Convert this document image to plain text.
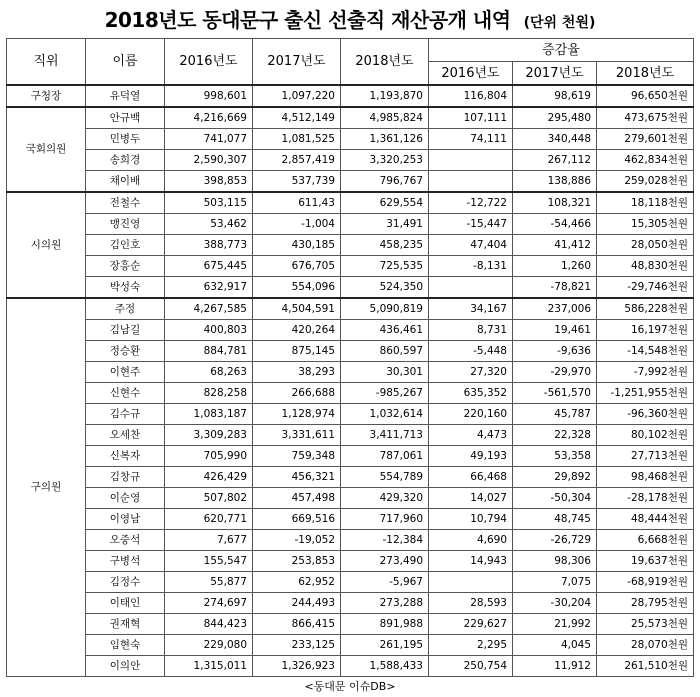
2018년도 동대문구 출신 선출직 재산공개 내역 (단위 천원)
직위	이름	2016년도	2017년도	2018년도	증감율		
					2016년도	2017년도	2018년도
구청장	유덕열	998,601	1,097,220	1,193,870	116,804	98,619	96,650천원
국회의원	안규백	4,216,669	4,512,149	4,985,824	107,111	295,480	473,675천원
	민병두	741,077	1,081,525	1,361,126	74,111	340,448	279,601천원
	송희경	2,590,307	2,857,419	3,320,253		267,112	462,834천원
	채이배	398,853	537,739	796,767		138,886	259,028천원
시의원	전철수	503,115	611,43	629,554	-12,722	108,321	18,118천원
	맹진영	53,462	-1,004	31,491	-15,447	-54,466	15,305천원
	김인호	388,773	430,185	458,235	47,404	41,412	28,050천원
	장흥순	675,445	676,705	725,535	-8,131	1,260	48,830천원
	박성숙	632,917	554,096	524,350		-78,821	-29,746천원
구의원	주정	4,267,585	4,504,591	5,090,819	34,167	237,006	586,228천원
	김남길	400,803	420,264	436,461	8,731	19,461	16,197천원
	정승환	884,781	875,145	860,597	-5,448	-9,636	-14,548천원
	이현주	68,263	38,293	30,301	27,320	-29,970	-7,992천원
	신현수	828,258	266,688	-985,267	635,352	-561,570	-1,251,955천원
	김수규	1,083,187	1,128,974	1,032,614	220,160	45,787	-96,360천원
	오세찬	3,309,283	3,331,611	3,411,713	4,473	22,328	80,102천원
	신복자	705,990	759,348	787,061	49,193	53,358	27,713천원
	김창규	426,429	456,321	554,789	66,468	29,892	98,468천원
	이순영	507,802	457,498	429,320	14,027	-50,304	-28,178천원
	이영남	620,771	669,516	717,960	10,794	48,745	48,444천원
	오중석	7,677	-19,052	-12,384	4,690	-26,729	6,668천원
	구병석	155,547	253,853	273,490	14,943	98,306	19,637천원
	김정수	55,877	62,952	-5,967		7,075	-68,919천원
	이태인	274,697	244,493	273,288	28,593	-30,204	28,795천원
	권재혁	844,423	866,415	891,988	229,627	21,992	25,573천원
	임현숙	229,080	233,125	261,195	2,295	4,045	28,070천원
	이의안	1,315,011	1,326,923	1,588,433	250,754	11,912	261,510천원
<동대문 이슈DB>
